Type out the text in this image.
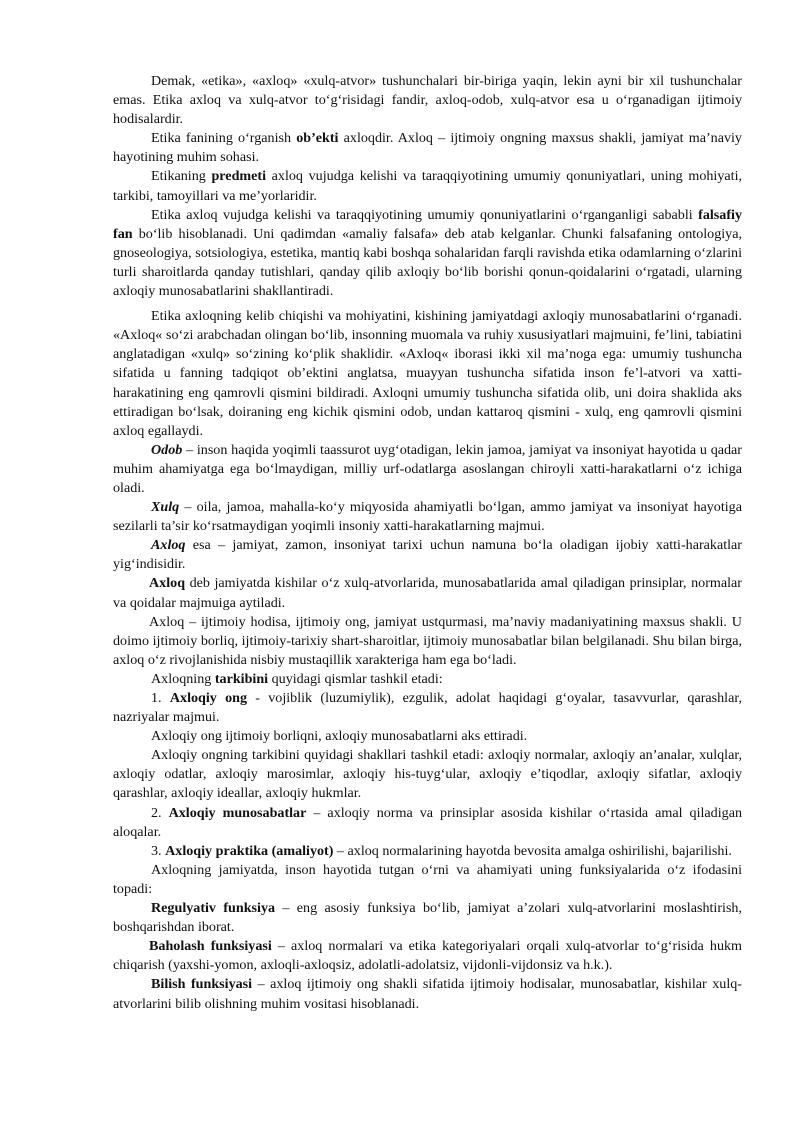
Demak, «etika», «axloq» «xulq-atvor» tushunchalari bir-biriga yaqin, lekin ayni bir xil tushunchalar emas. Etika axloq va xulq-atvor to‘g‘risidagi fandir, axloq-odob, xulq-atvor esa u o‘rganadigan ijtimoiy hodisalardir.

Etika fanining o‘rganish ob’ekti axloqdir. Axloq – ijtimoiy ongning maxsus shakli, jamiyat ma’naviy hayotining muhim sohasi.

Etikaning predmeti axloq vujudga kelishi va taraqqiyotining umumiy qonuniyatlari, uning mohiyati, tarkibi, tamoyillari va me’yorlaridir.

Etika axloq vujudga kelishi va taraqqiyotining umumiy qonuniyatlarini o‘rganganligi sababli falsafiy fan bo‘lib hisoblanadi. Uni qadimdan «amaliy falsafa» deb atab kelganlar. Chunki falsafaning ontologiya, gnoseologiya, sotsiologiya, estetika, mantiq kabi boshqa sohalaridan farqli ravishda etika odamlarning o‘zlarini turli sharoitlarda qanday tutishlari, qanday qilib axloqiy bo‘lib borishi qonun-qoidalarini o‘rgatadi, ularning axloqiy munosabatlarini shakllantiradi.

Etika axloqning kelib chiqishi va mohiyatini, kishining jamiyatdagi axloqiy munosabatlarini o‘rganadi. «Axloq« so‘zi arabchadan olingan bo‘lib, insonning muomala va ruhiy xususiyatlari majmuini, fe’lini, tabiatini anglatadigan «xulq» so‘zining ko‘plik shaklidir. «Axloq« iborasi ikki xil ma’noga ega: umumiy tushuncha sifatida u fanning tadqiqot ob’ektini anglatsa, muayyan tushuncha sifatida inson fe’l-atvori va xatti-harakatining eng qamrovli qismini bildiradi. Axloqni umumiy tushuncha sifatida olib, uni doira shaklida aks ettiradigan bo‘lsak, doiraning eng kichik qismini odob, undan kattaroq qismini - xulq, eng qamrovli qismini axloq egallaydi.

Odob – inson haqida yoqimli taassurot uyg‘otadigan, lekin jamoa, jamiyat va insoniyat hayotida u qadar muhim ahamiyatga ega bo‘lmaydigan, milliy urf-odatlarga asoslangan chiroyli xatti-harakatlarni o‘z ichiga oladi.

Xulq – oila, jamoa, mahalla-ko‘y miqyosida ahamiyatli bo‘lgan, ammo jamiyat va insoniyat hayotiga sezilarli ta’sir ko‘rsatmaydigan yoqimli insoniy xatti-harakatlarning majmui.

Axloq esa – jamiyat, zamon, insoniyat tarixi uchun namuna bo‘la oladigan ijobiy xatti-harakatlar yig‘indisidir.

Axloq deb jamiyatda kishilar o‘z xulq-atvorlarida, munosabatlarida amal qiladigan prinsiplar, normalar va qoidalar majmuiga aytiladi.

Axloq – ijtimoiy hodisa, ijtimoiy ong, jamiyat ustqurmasi, ma’naviy madaniyatining maxsus shakli. U doimo ijtimoiy borliq, ijtimoiy-tarixiy shart-sharoitlar, ijtimoiy munosabatlar bilan belgilanadi. Shu bilan birga, axloq o‘z rivojlanishida nisbiy mustaqillik xarakteriga ham ega bo‘ladi.

Axloqning tarkibini quyidagi qismlar tashkil etadi:

1. Axloqiy ong - vojiblik (luzumiylik), ezgulik, adolat haqidagi g‘oyalar, tasavvurlar, qarashlar, nazriyalar majmui.

Axloqiy ong ijtimoiy borliqni, axloqiy munosabatlarni aks ettiradi.

Axloqiy ongning tarkibini quyidagi shakllari tashkil etadi: axloqiy normalar, axloqiy an’analar, xulqlar, axloqiy odatlar, axloqiy marosimlar, axloqiy his-tuyg‘ular, axloqiy e’tiqodlar, axloqiy sifatlar, axloqiy qarashlar, axloqiy ideallar, axloqiy hukmlar.

2. Axloqiy munosabatlar – axloqiy norma va prinsiplar asosida kishilar o‘rtasida amal qiladigan aloqalar.

3. Axloqiy praktika (amaliyot) – axloq normalarining hayotda bevosita amalga oshirilishi, bajarilishi.

Axloqning jamiyatda, inson hayotida tutgan o‘rni va ahamiyati uning funksiyalarida o‘z ifodasini topadi:

Regulyativ funksiya – eng asosiy funksiya bo‘lib, jamiyat a’zolari xulq-atvorlarini moslashtirish, boshqarishdan iborat.

Baholash funksiyasi – axloq normalari va etika kategoriyalari orqali xulq-atvorlar to‘g‘risida hukm chiqarish (yaxshi-yomon, axloqli-axloqsiz, adolatli-adolatsiz, vijdonli-vijdonsiz va h.k.).

Bilish funksiyasi – axloq ijtimoiy ong shakli sifatida ijtimoiy hodisalar, munosabatlar, kishilar xulq-atvorlarini bilib olishning muhim vositasi hisoblanadi.
